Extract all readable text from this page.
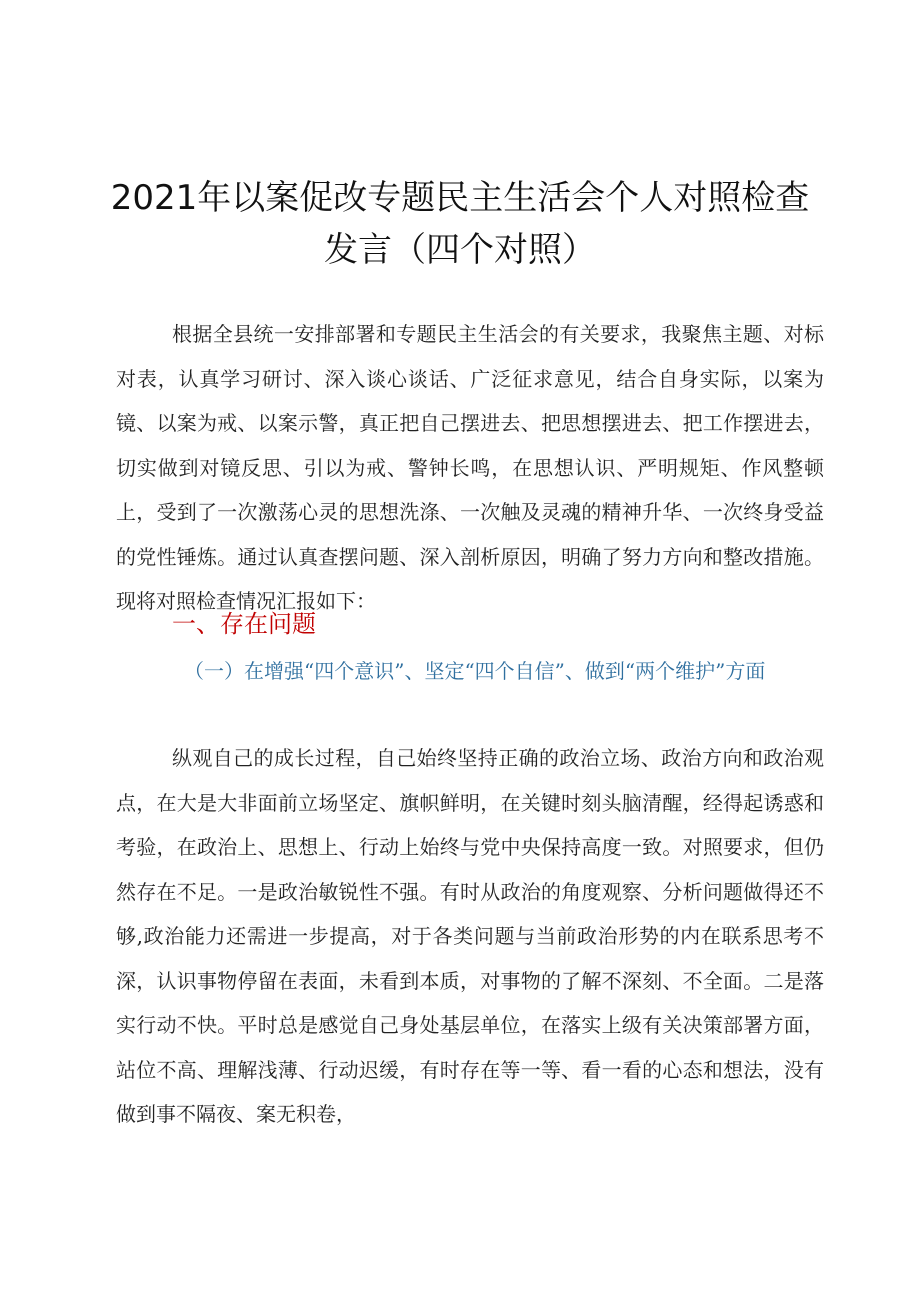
2021年以案促改专题民主生活会个人对照检查
发言（四个对照）
根据全县统一安排部署和专题民主生活会的有关要求，我聚焦主题、对标对表，认真学习研讨、深入谈心谈话、广泛征求意见，结合自身实际，以案为镜、以案为戒、以案示警，真正把自己摆进去、把思想摆进去、把工作摆进去，切实做到对镜反思、引以为戒、警钟长鸣，在思想认识、严明规矩、作风整顿上，受到了一次激荡心灵的思想洗涤、一次触及灵魂的精神升华、一次终身受益的党性锤炼。通过认真查摆问题、深入剖析原因，明确了努力方向和整改措施。现将对照检查情况汇报如下：
一、存在问题
（一）在增强“四个意识”、坚定“四个自信”、做到“两个维护”方面
纵观自己的成长过程，自己始终坚持正确的政治立场、政治方向和政治观点，在大是大非面前立场坚定、旗帜鲜明，在关键时刻头脑清醒，经得起诱惑和考验，在政治上、思想上、行动上始终与党中央保持高度一致。对照要求，但仍然存在不足。一是政治敏锐性不强。有时从政治的角度观察、分析问题做得还不够,政治能力还需进一步提高，对于各类问题与当前政治形势的内在联系思考不深，认识事物停留在表面，未看到本质，对事物的了解不深刻、不全面。二是落实行动不快。平时总是感觉自己身处基层单位，在落实上级有关决策部署方面，站位不高、理解浅薄、行动迟缓，有时存在等一等、看一看的心态和想法，没有做到事不隔夜、案无积卷，
